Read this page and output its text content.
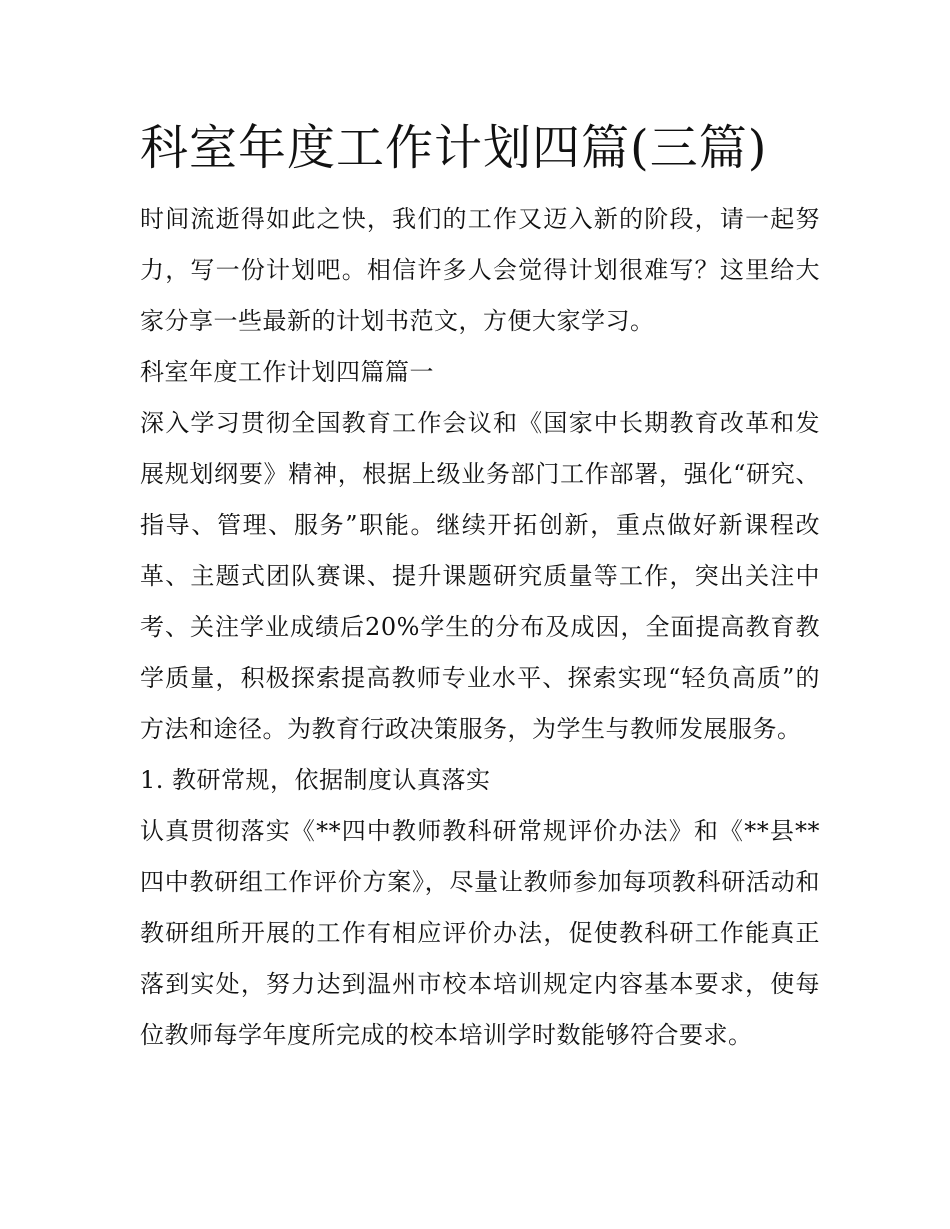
科室年度工作计划四篇(三篇)

时间流逝得如此之快，我们的工作又迈入新的阶段，请一起努力，写一份计划吧。相信许多人会觉得计划很难写？这里给大家分享一些最新的计划书范文，方便大家学习。

科室年度工作计划四篇篇一

深入学习贯彻全国教育工作会议和《国家中长期教育改革和发展规划纲要》精神，根据上级业务部门工作部署，强化“研究、指导、管理、服务”职能。继续开拓创新，重点做好新课程改革、主题式团队赛课、提升课题研究质量等工作，突出关注中考、关注学业成绩后20%学生的分布及成因，全面提高教育教学质量，积极探索提高教师专业水平、探索实现“轻负高质”的方法和途径。为教育行政决策服务，为学生与教师发展服务。

1. 教研常规，依据制度认真落实

认真贯彻落实《**四中教师教科研常规评价办法》和《**县**四中教研组工作评价方案》，尽量让教师参加每项教科研活动和教研组所开展的工作有相应评价办法，促使教科研工作能真正落到实处，努力达到温州市校本培训规定内容基本要求，使每位教师每学年度所完成的校本培训学时数能够符合要求。
